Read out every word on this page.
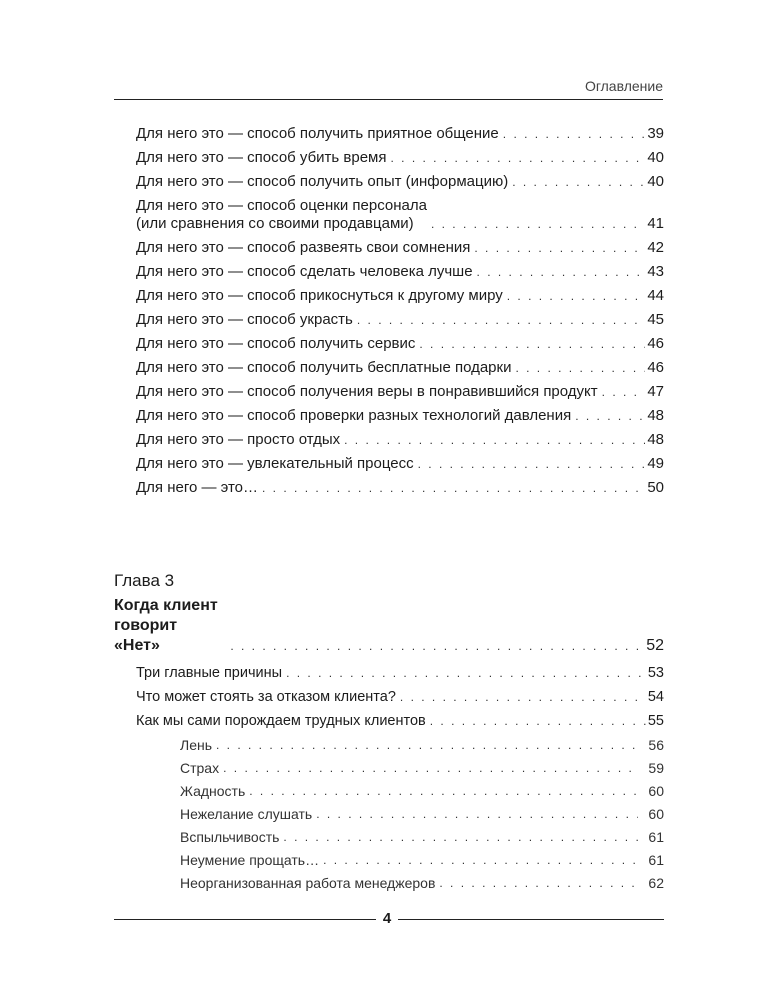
Оглавление
Для него это — способ получить приятное общение . . .	39
Для него это — способ убить время . . .	40
Для него это — способ получить опыт (информацию) . . .	40
Для него это — способ оценки персонала
(или сравнения со своими продавцами) . . .	41
Для него это — способ развеять свои сомнения . . .	42
Для него это — способ сделать человека лучше . . .	43
Для него это — способ прикоснуться к другому миру . . .	44
Для него это — способ украсть . . .	45
Для него это — способ получить сервис . . .	46
Для него это — способ получить бесплатные подарки . . .	46
Для него это — способ получения веры в понравившийся продукт . . .	47
Для него это — способ проверки разных технологий давления . . .	48
Для него это — просто отдых . . .	48
Для него это — увлекательный процесс . . .	49
Для него — это… . . .	50
Глава 3
Когда клиент говорит «Нет» . . .	52
Три главные причины . . .	53
Что может стоять за отказом клиента? . . .	54
Как мы сами порождаем трудных клиентов . . .	55
Лень . . .	56
Страх . . .	59
Жадность . . .	60
Нежелание слушать . . .	60
Вспыльчивость . . .	61
Неумение прощать… . . .	61
Неорганизованная работа менеджеров . . .	62
4
